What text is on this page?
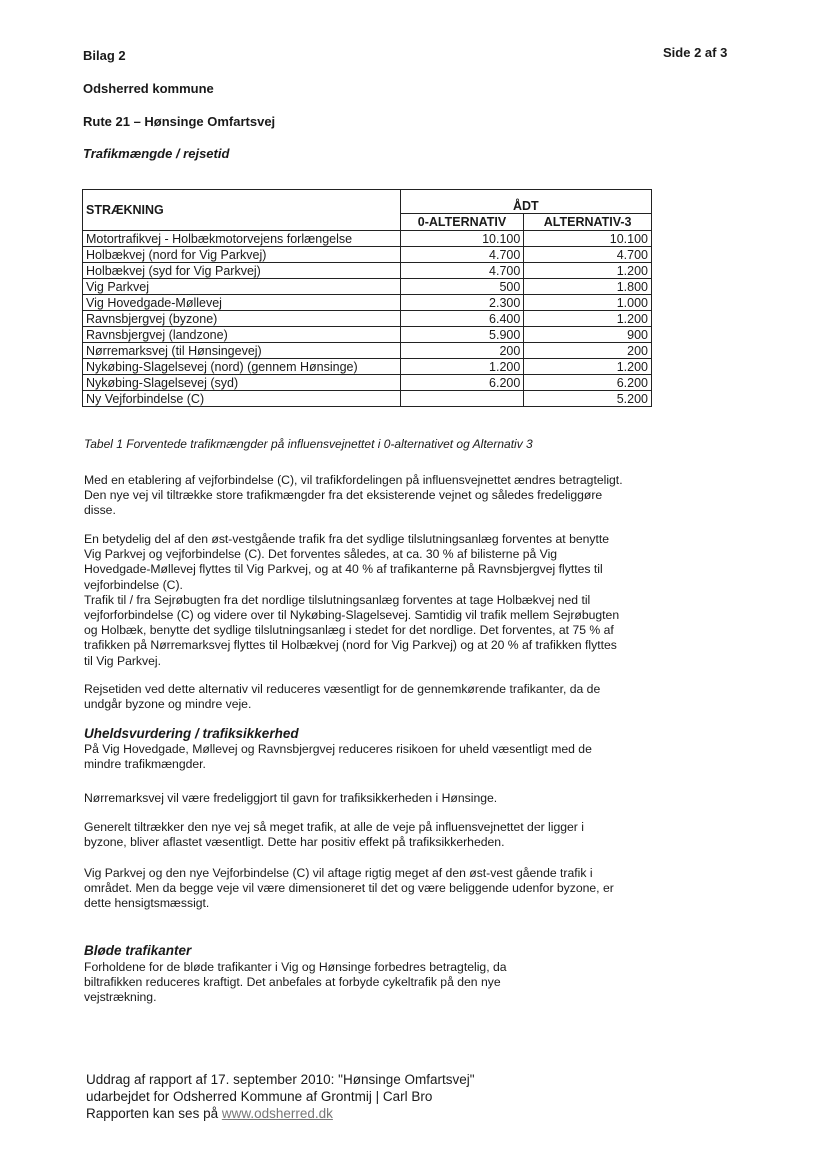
Bilag 2	Side 2 af 3
Odsherred kommune
Rute 21 – Hønsinge Omfartsvej
Trafikmængde / rejsetid
STRÆKNING	ÅDT	
	0-ALTERNATIV	ALTERNATIV-3
Motortrafikvej - Holbækmotorvejens forlængelse	10.100	10.100
Holbækvej (nord for Vig Parkvej)	4.700	4.700
Holbækvej (syd for Vig Parkvej)	4.700	1.200
Vig Parkvej	500	1.800
Vig Hovedgade-Møllevej	2.300	1.000
Ravnsbjergvej (byzone)	6.400	1.200
Ravnsbjergvej (landzone)	5.900	900
Nørremarksvej (til Hønsingevej)	200	200
Nykøbing-Slagelsevej (nord) (gennem Hønsinge)	1.200	1.200
Nykøbing-Slagelsevej (syd)	6.200	6.200
Ny Vejforbindelse (C)		5.200
Tabel 1 Forventede trafikmængder på influensvejnettet i 0-alternativet og Alternativ 3

Med en etablering af vejforbindelse (C), vil trafikfordelingen på influensvejnettet ændres betragteligt. Den nye vej vil tiltrække store trafikmængder fra det eksisterende vejnet og således fredeliggøre disse.

En betydelig del af den øst-vestgående trafik fra det sydlige tilslutningsanlæg forventes at benytte Vig Parkvej og vejforbindelse (C). Det forventes således, at ca. 30 % af bilisterne på Vig Hovedgade-Møllevej flyttes til Vig Parkvej, og at 40 % af trafikanterne på Ravnsbjergvej flyttes til vejforbindelse (C).
Trafik til / fra Sejrøbugten fra det nordlige tilslutningsanlæg forventes at tage Holbækvej ned til vejforforbindelse (C) og videre over til Nykøbing-Slagelsevej. Samtidig vil trafik mellem Sejrøbugten og Holbæk, benytte det sydlige tilslutningsanlæg i stedet for det nordlige. Det forventes, at 75 % af trafikken på Nørremarksvej flyttes til Holbækvej (nord for Vig Parkvej) og at 20 % af trafikken flyttes til Vig Parkvej.

Rejsetiden ved dette alternativ vil reduceres væsentligt for de gennemkørende trafikanter, da de undgår byzone og mindre veje.

Uheldsvurdering / trafiksikkerhed

På Vig Hovedgade, Møllevej og Ravnsbjergvej reduceres risikoen for uheld væsentligt med de mindre trafikmængder.

Nørremarksvej vil være fredeliggjort til gavn for trafiksikkerheden i Hønsinge.

Generelt tiltrækker den nye vej så meget trafik, at alle de veje på influensvejnettet der ligger i byzone, bliver aflastet væsentligt. Dette har positiv effekt på trafiksikkerheden.

Vig Parkvej og den nye Vejforbindelse (C) vil aftage rigtig meget af den øst-vest gående trafik i området. Men da begge veje vil være dimensioneret til det og være beliggende udenfor byzone, er dette hensigtsmæssigt.

Bløde trafikanter

Forholdene for de bløde trafikanter i Vig og Hønsinge forbedres betragtelig, da biltrafikken reduceres kraftigt. Det anbefales at forbyde cykeltrafik på den nye vejstrækning.

Uddrag af rapport af 17. september 2010: "Hønsinge Omfartsvej"
udarbejdet for Odsherred Kommune af Grontmij | Carl Bro
Rapporten kan ses på www.odsherred.dk
